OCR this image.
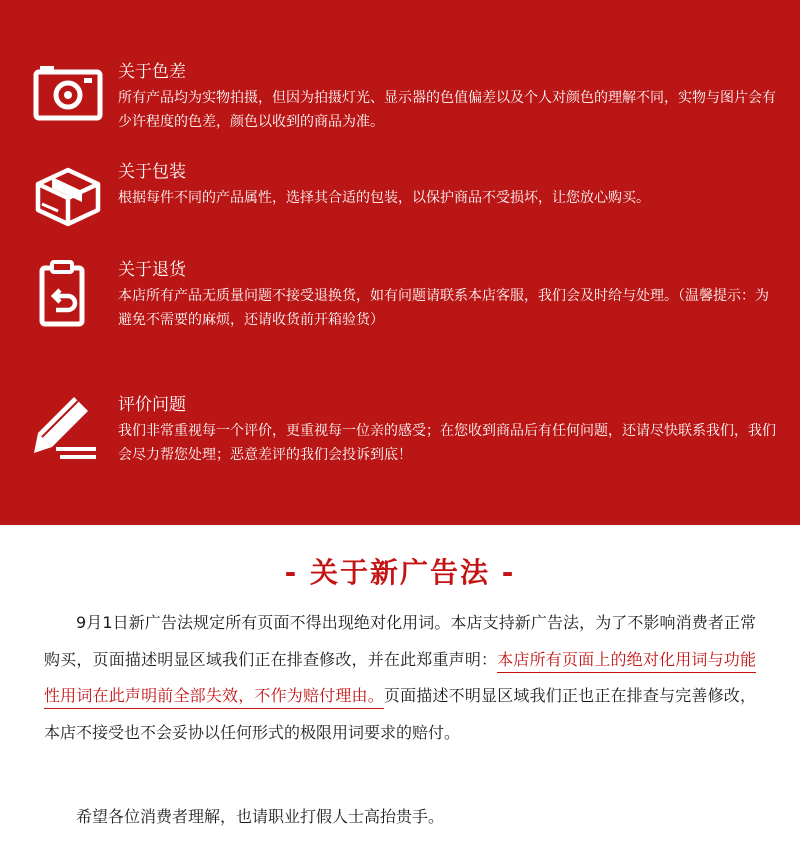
关于色差
所有产品均为实物拍摄，但因为拍摄灯光、显示器的色值偏差以及个人对颜色的理解不同，实物与图片会有少许程度的色差，颜色以收到的商品为准。
关于包装
根据每件不同的产品属性，选择其合适的包装，以保护商品不受损坏，让您放心购买。
关于退货
本店所有产品无质量问题不接受退换货，如有问题请联系本店客服，我们会及时给与处理。（温馨提示：为避免不需要的麻烦，还请收货前开箱验货）
评价问题
我们非常重视每一个评价，更重视每一位亲的感受；在您收到商品后有任何问题，还请尽快联系我们，我们会尽力帮您处理；恶意差评的我们会投诉到底！
- 关于新广告法 -
9月1日新广告法规定所有页面不得出现绝对化用词。本店支持新广告法，为了不影响消费者正常购买，页面描述明显区域我们正在排查修改，并在此郑重声明：本店所有页面上的绝对化用词与功能性用词在此声明前全部失效，不作为赔付理由。页面描述不明显区域我们正也正在排查与完善修改，本店不接受也不会妥协以任何形式的极限用词要求的赔付。
希望各位消费者理解，也请职业打假人士高抬贵手。
